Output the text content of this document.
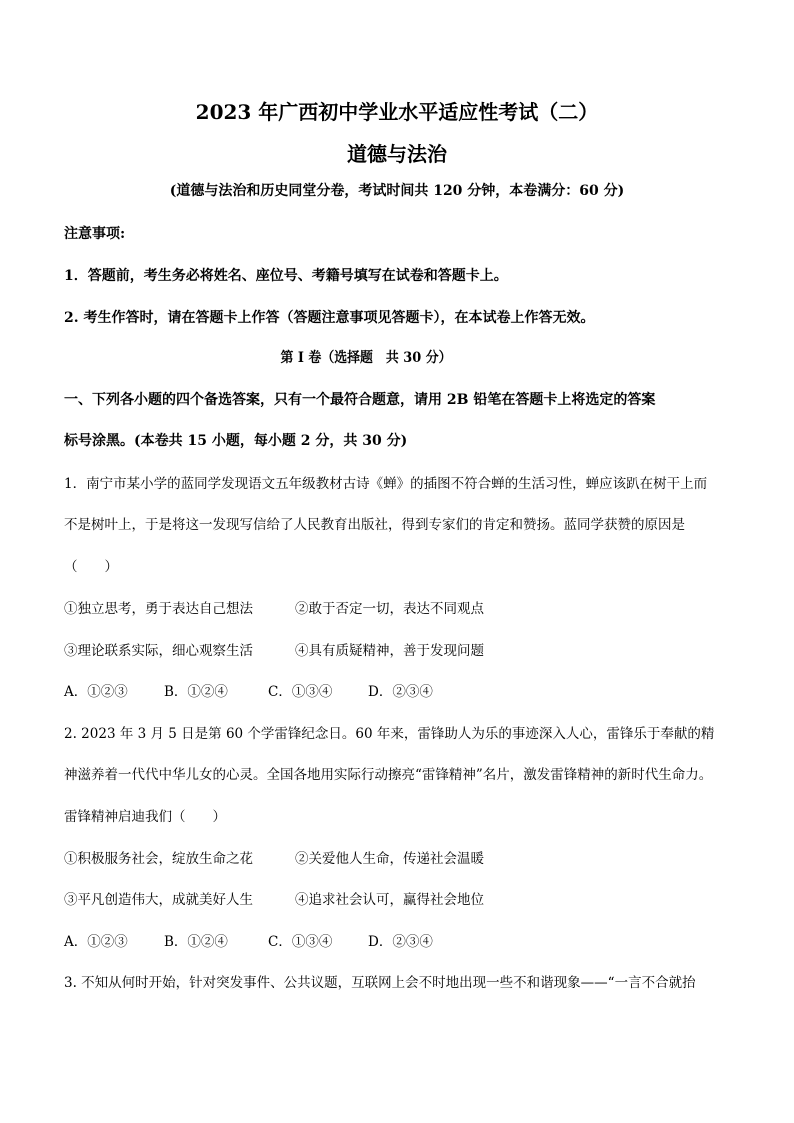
2023 年广西初中学业水平适应性考试（二）
道德与法治
(道德与法治和历史同堂分卷，考试时间共 120 分钟，本卷满分：60 分)
注意事项:
1．答题前，考生务必将姓名、座位号、考籍号填写在试卷和答题卡上。
2. 考生作答时，请在答题卡上作答（答题注意事项见答题卡），在本试卷上作答无效。
第 I 卷（选择题　共 30 分）
一、下列各小题的四个备选答案，只有一个最符合题意，请用 2B 铅笔在答题卡上将选定的答案
标号涂黑。(本卷共 15 小题，每小题 2 分，共 30 分)
1．南宁市某小学的蓝同学发现语文五年级教材古诗《蝉》的插图不符合蝉的生活习性，蝉应该趴在树干上而
不是树叶上，于是将这一发现写信给了人民教育出版社，得到专家们的肯定和赞扬。蓝同学获赞的原因是
（　　）
①独立思考，勇于表达自己想法	②敢于否定一切，表达不同观点
③理论联系实际，细心观察生活	④具有质疑精神，善于发现问题
A．①②③	B．①②④	C．①③④	D．②③④
2. 2023 年 3 月 5 日是第 60 个学雷锋纪念日。60 年来，雷锋助人为乐的事迹深入人心，雷锋乐于奉献的精
神滋养着一代代中华儿女的心灵。全国各地用实际行动擦亮“雷锋精神”名片，激发雷锋精神的新时代生命力。
雷锋精神启迪我们（　　）
①积极服务社会，绽放生命之花	②关爱他人生命，传递社会温暖
③平凡创造伟大，成就美好人生	④追求社会认可，赢得社会地位
A．①②③	B．①②④	C．①③④	D．②③④
3. 不知从何时开始，针对突发事件、公共议题，互联网上会不时地出现一些不和谐现象——“一言不合就抬
